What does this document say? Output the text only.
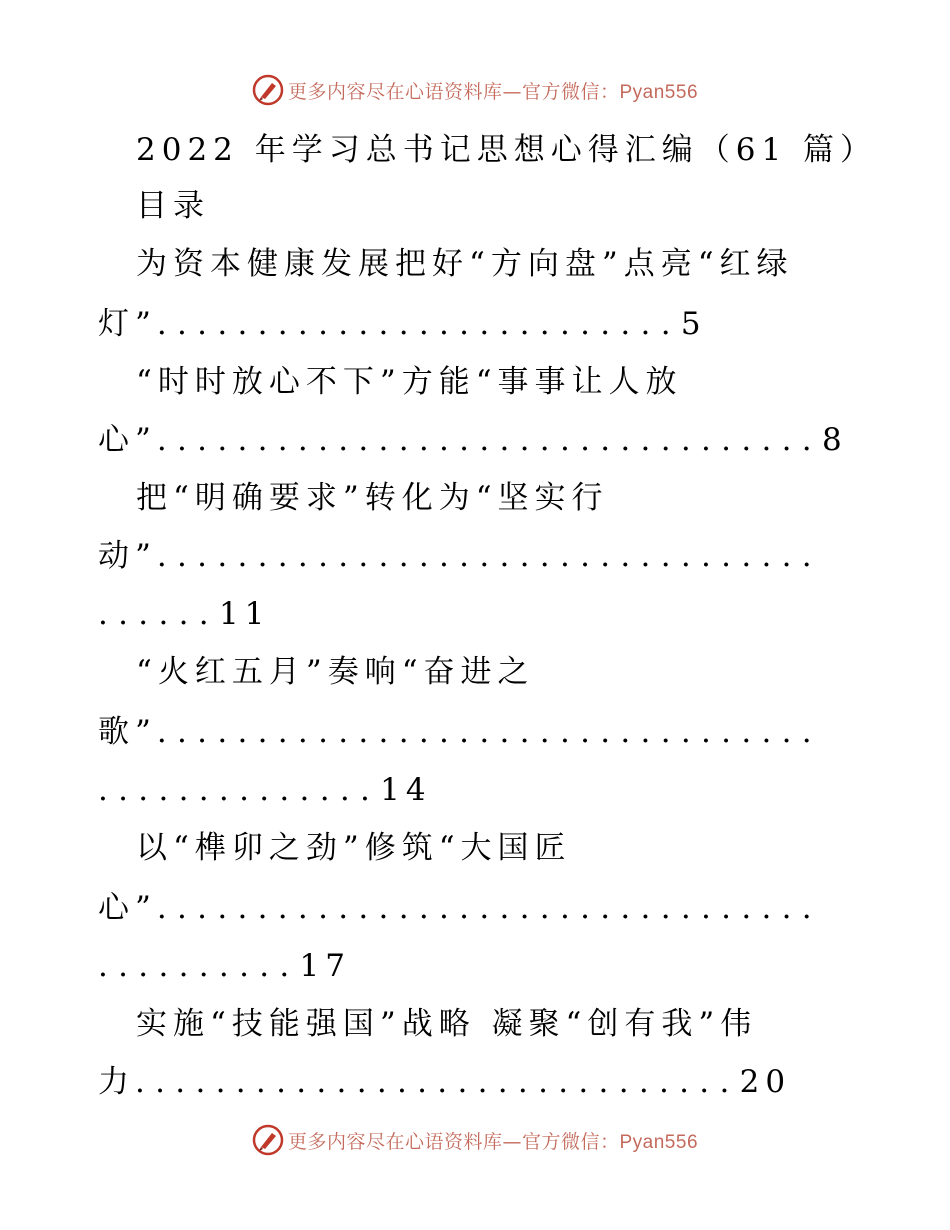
更多内容尽在心语资料库—官方微信：Pyan556
2022 年学习总书记思想心得汇编（61 篇）
目录
为资本健康发展把好“方向盘”点亮“红绿
灯”..........................5
“时时放心不下”方能“事事让人放
心”.................................8
把“明确要求”转化为“坚实行
动”.................................
......11
“火红五月”奏响“奋进之
歌”.................................
..............14
以“榫卯之劲”修筑“大国匠
心”.................................
..........17
实施“技能强国”战略 凝聚“创有我”伟
力..............................20
更多内容尽在心语资料库—官方微信：Pyan556
